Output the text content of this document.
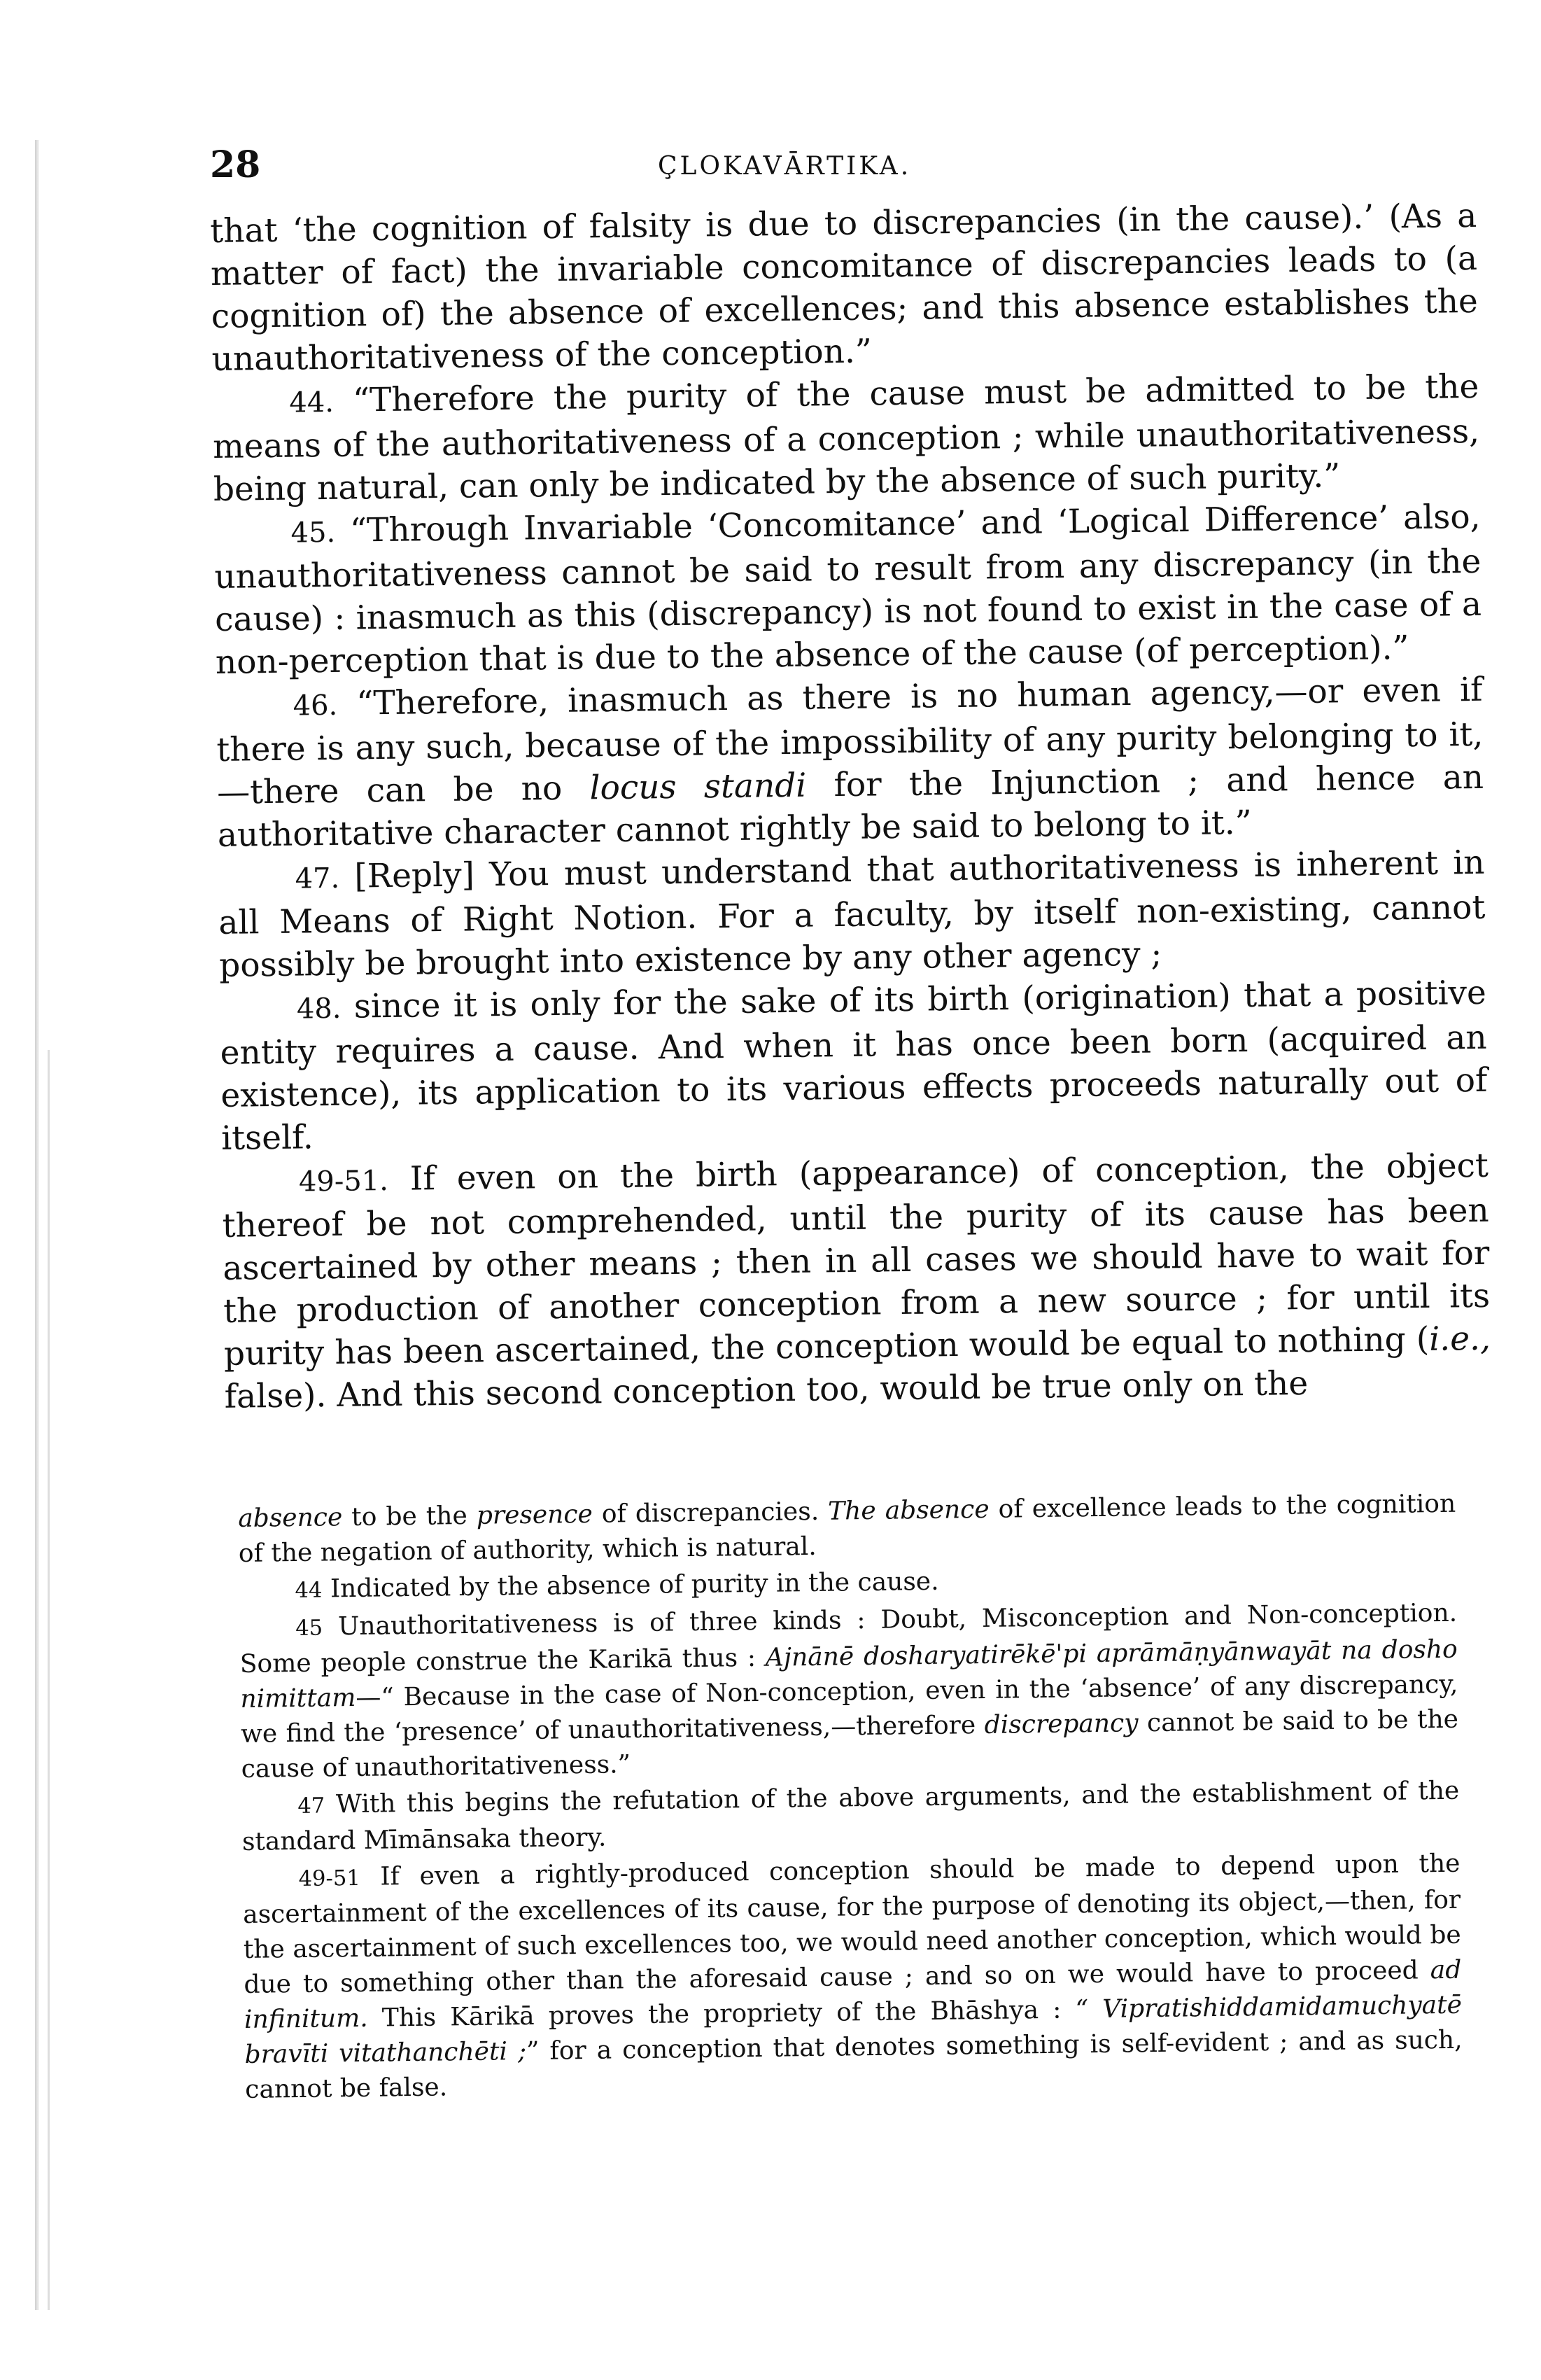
28	ÇLOKAVĀRTIKA.

that ‘the cognition of falsity is due to discrepancies (in the cause).’ (As a matter of fact) the invariable concomitance of discrepancies leads to (a cognition of) the absence of excellences; and this absence establishes the unauthoritativeness of the conception.”

44. “Therefore the purity of the cause must be admitted to be the means of the authoritativeness of a conception ; while unauthoritativeness, being natural, can only be indicated by the absence of such purity.”

45. “Through Invariable ‘Concomitance’ and ‘Logical Difference’ also, unauthoritativeness cannot be said to result from any discrepancy (in the cause) : inasmuch as this (discrepancy) is not found to exist in the case of a non-perception that is due to the absence of the cause (of perception).”

46. “Therefore, inasmuch as there is no human agency,—or even if there is any such, because of the impossibility of any purity belonging to it,—there can be no locus standi for the Injunction ; and hence an authoritative character cannot rightly be said to belong to it.”

47. [Reply] You must understand that authoritativeness is inherent in all Means of Right Notion. For a faculty, by itself non-existing, cannot possibly be brought into existence by any other agency ;

48. since it is only for the sake of its birth (origination) that a positive entity requires a cause. And when it has once been born (acquired an existence), its application to its various effects proceeds naturally out of itself.

49-51. If even on the birth (appearance) of conception, the object thereof be not comprehended, until the purity of its cause has been ascertained by other means ; then in all cases we should have to wait for the production of another conception from a new source ; for until its purity has been ascertained, the conception would be equal to nothing (i.e., false). And this second conception too, would be true only on the

absence to be the presence of discrepancies. The absence of excellence leads to the cognition of the negation of authority, which is natural.

44 Indicated by the absence of purity in the cause.

45 Unauthoritativeness is of three kinds : Doubt, Misconception and Non-conception. Some people construe the Karikā thus : Ajnānē dosharyatirēkē'pi aprāmāṇyānwayāt na dosho nimittam—“ Because in the case of Non-conception, even in the ‘absence’ of any discrepancy, we find the ‘presence’ of unauthoritativeness,—therefore discrepancy cannot be said to be the cause of unauthoritativeness.”

47 With this begins the refutation of the above arguments, and the establishment of the standard Mīmānsaka theory.

49-51 If even a rightly-produced conception should be made to depend upon the ascertainment of the excellences of its cause, for the purpose of denoting its object,—then, for the ascertainment of such excellences too, we would need another conception, which would be due to something other than the aforesaid cause ; and so on we would have to proceed ad infinitum. This Kārikā proves the propriety of the Bhāshya : “ Vipratishiddamidamuchyatē bravīti vitathanchēti ;” for a conception that denotes something is self-evident ; and as such, cannot be false.
